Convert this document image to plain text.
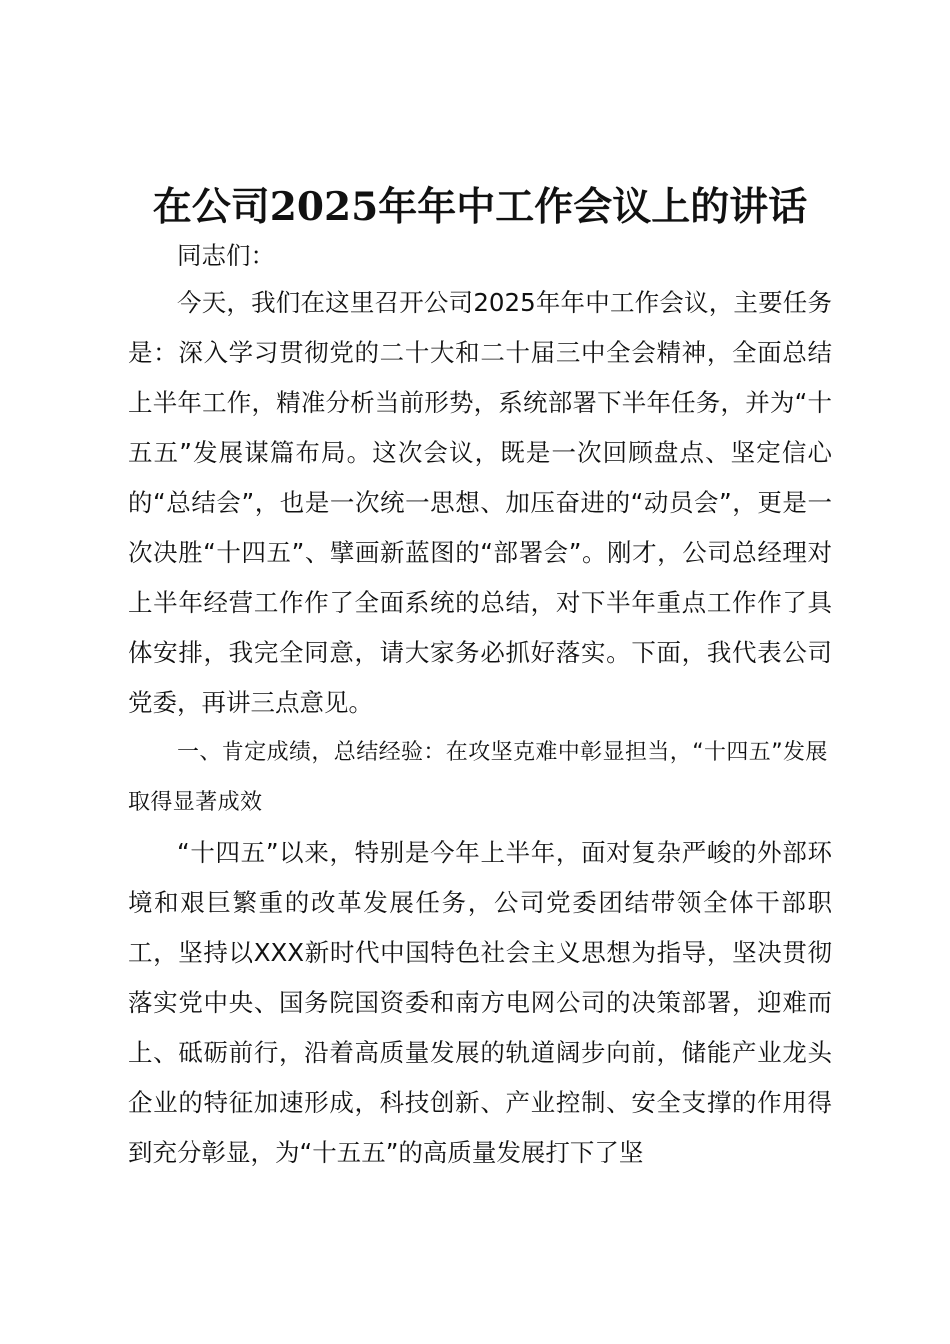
在公司2025年年中工作会议上的讲话

同志们：

今天，我们在这里召开公司2025年年中工作会议，主要任务是：深入学习贯彻党的二十大和二十届三中全会精神，全面总结上半年工作，精准分析当前形势，系统部署下半年任务，并为“十五五”发展谋篇布局。这次会议，既是一次回顾盘点、坚定信心的“总结会”，也是一次统一思想、加压奋进的“动员会”，更是一次决胜“十四五”、擘画新蓝图的“部署会”。刚才，公司总经理对上半年经营工作作了全面系统的总结，对下半年重点工作作了具体安排，我完全同意，请大家务必抓好落实。下面，我代表公司党委，再讲三点意见。

一、肯定成绩，总结经验：在攻坚克难中彰显担当，“十四五”发展取得显著成效

“十四五”以来，特别是今年上半年，面对复杂严峻的外部环境和艰巨繁重的改革发展任务，公司党委团结带领全体干部职工，坚持以XXX新时代中国特色社会主义思想为指导，坚决贯彻落实党中央、国务院国资委和南方电网公司的决策部署，迎难而上、砥砺前行，沿着高质量发展的轨道阔步向前，储能产业龙头企业的特征加速形成，科技创新、产业控制、安全支撑的作用得到充分彰显，为“十五五”的高质量发展打下了坚
